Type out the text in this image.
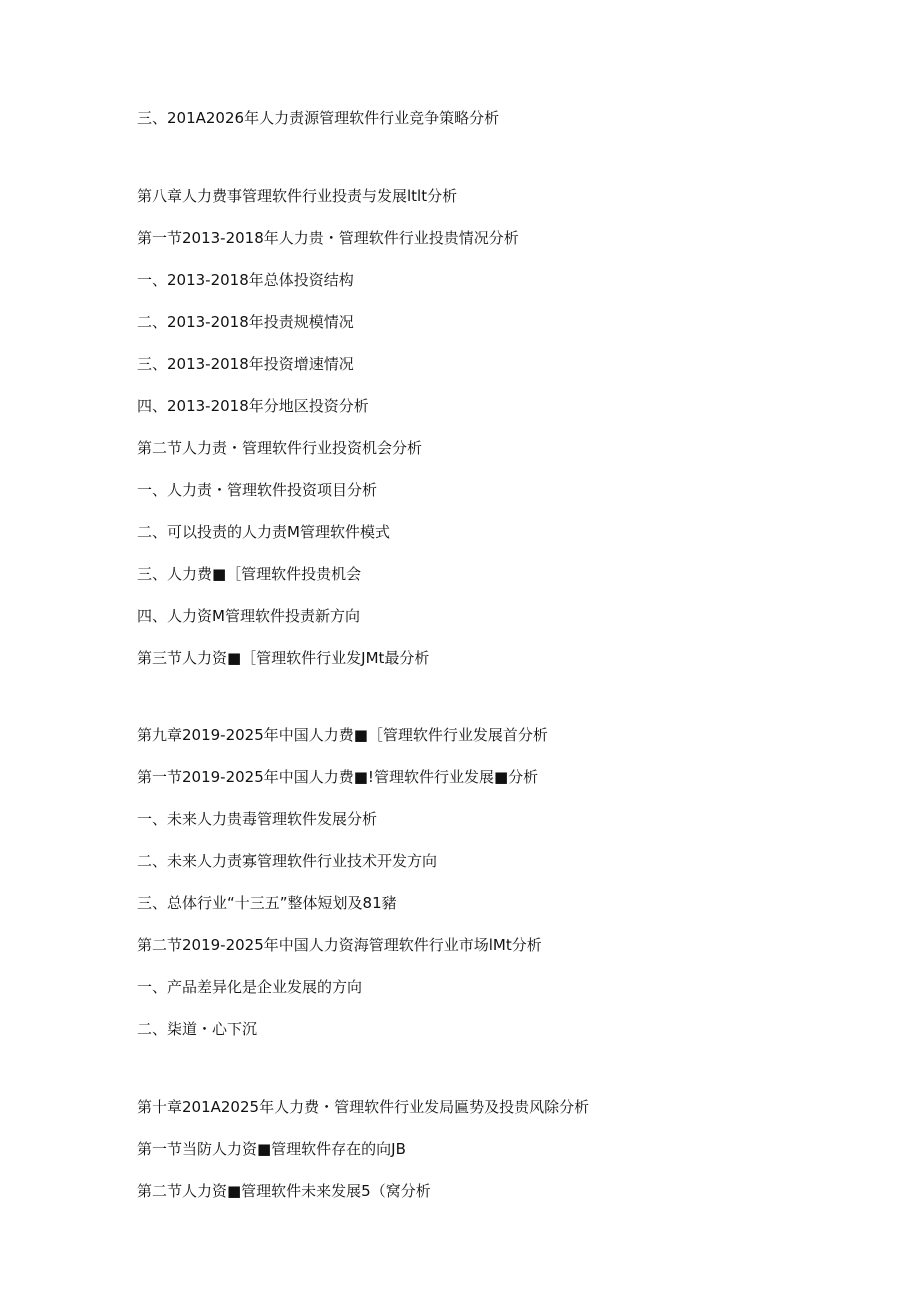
三、201A2026年人力责源管理软件行业竞争策略分析
第八章人力费事管理软件行业投责与发展ltlt分析
第一节2013-2018年人力贵・管理软件行业投贵情况分析
一、2013-2018年总体投资结构
二、2013-2018年投责规模情况
三、2013-2018年投资增速情况
四、2013-2018年分地区投资分析
第二节人力责・管理软件行业投资机会分析
一、人力责・管理软件投资项目分析
二、可以投责的人力责M管理软件模式
三、人力费■［管理软件投贵机会
四、人力资M管理软件投责新方向
第三节人力资■［管理软件行业发JMt最分析
第九章2019-2025年中国人力费■［管理软件行业发展首分析
第一节2019-2025年中国人力费■!管理软件行业发展■分析
一、未来人力贵毒管理软件发展分析
二、未来人力责寡管理软件行业技术开发方向
三、总体行业“十三五”整体短划及81豬
第二节2019-2025年中国人力资海管理软件行业市场lMt分析
一、产品差异化是企业发展的方向
二、柒道・心下沉
第十章201A2025年人力费・管理软件行业发局匾势及投贵风除分析
第一节当防人力资■管理软件存在的向JB
第二节人力资■管理软件未来发展5（窝分析
